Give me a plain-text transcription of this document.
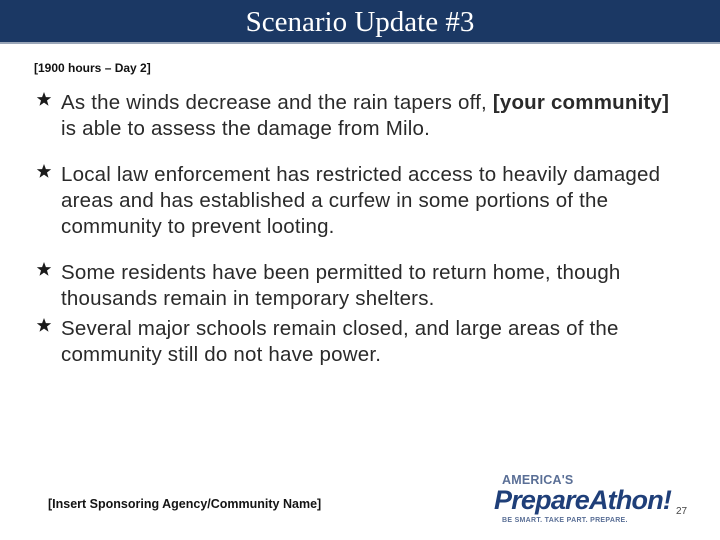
Scenario Update #3
[1900 hours – Day 2]
As the winds decrease and the rain tapers off, [your community] is able to assess the damage from Milo.
Local law enforcement has restricted access to heavily damaged areas and has established a curfew in some portions of the community to prevent looting.
Some residents have been permitted to return home, though thousands remain in temporary shelters.
Several major schools remain closed, and large areas of the community still do not have power.
[Insert Sponsoring Agency/Community Name]
AMERICA'S
PrepareAthon!
BE SMART. TAKE PART. PREPARE.
27
